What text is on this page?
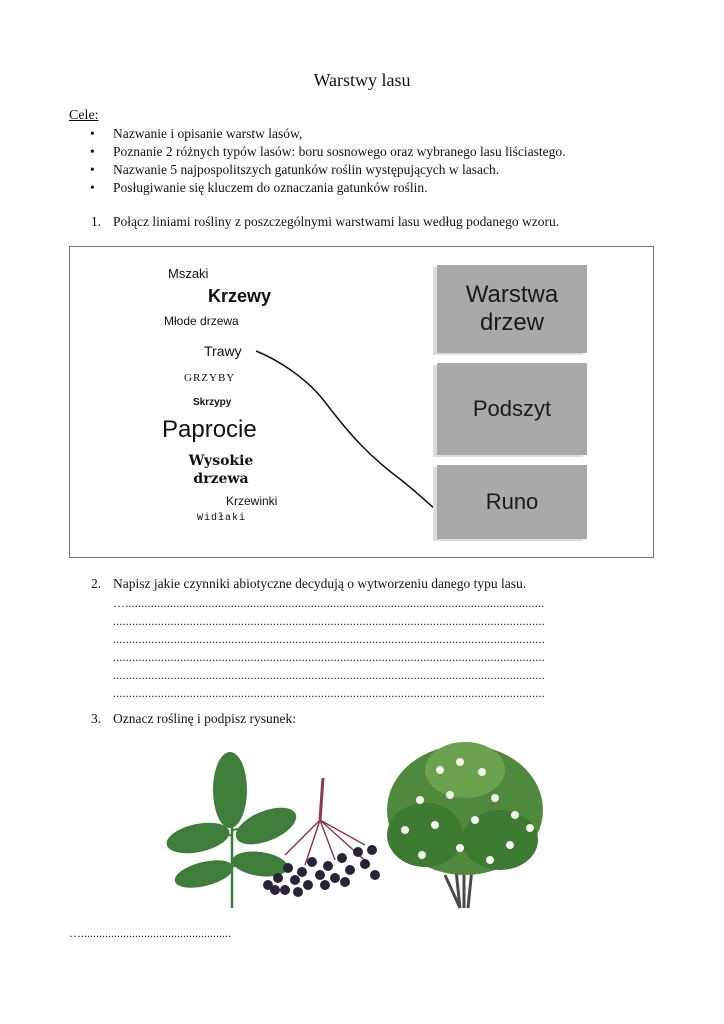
Warstwy lasu
Cele:
• Nazwanie i opisanie warstw lasów,
• Poznanie 2 różnych typów lasów: boru sosnowego oraz wybranego lasu liściastego.
• Nazwanie 5 najpospolitszych gatunków roślin występujących w lasach.
• Posługiwanie się kluczem do oznaczania gatunków roślin.
1. Połącz liniami rośliny z poszczególnymi warstwami lasu według podanego wzoru.
Mszaki
Krzewy
Młode drzewa
Trawy
GRZYBY
Skrzypy
Paprocie
Wysokie drzewa
Krzewinki
Widłaki
Warstwa drzew
Podszyt
Runo
2. Napisz jakie czynniki abiotyczne decydują o wytworzeniu danego typu lasu.
…...................................................................................................................................
.......................................................................................................................................
.......................................................................................................................................
.......................................................................................................................................
.......................................................................................................................................
.......................................................................................................................................
3. Oznacz roślinę i podpisz rysunek:
…..................................................
